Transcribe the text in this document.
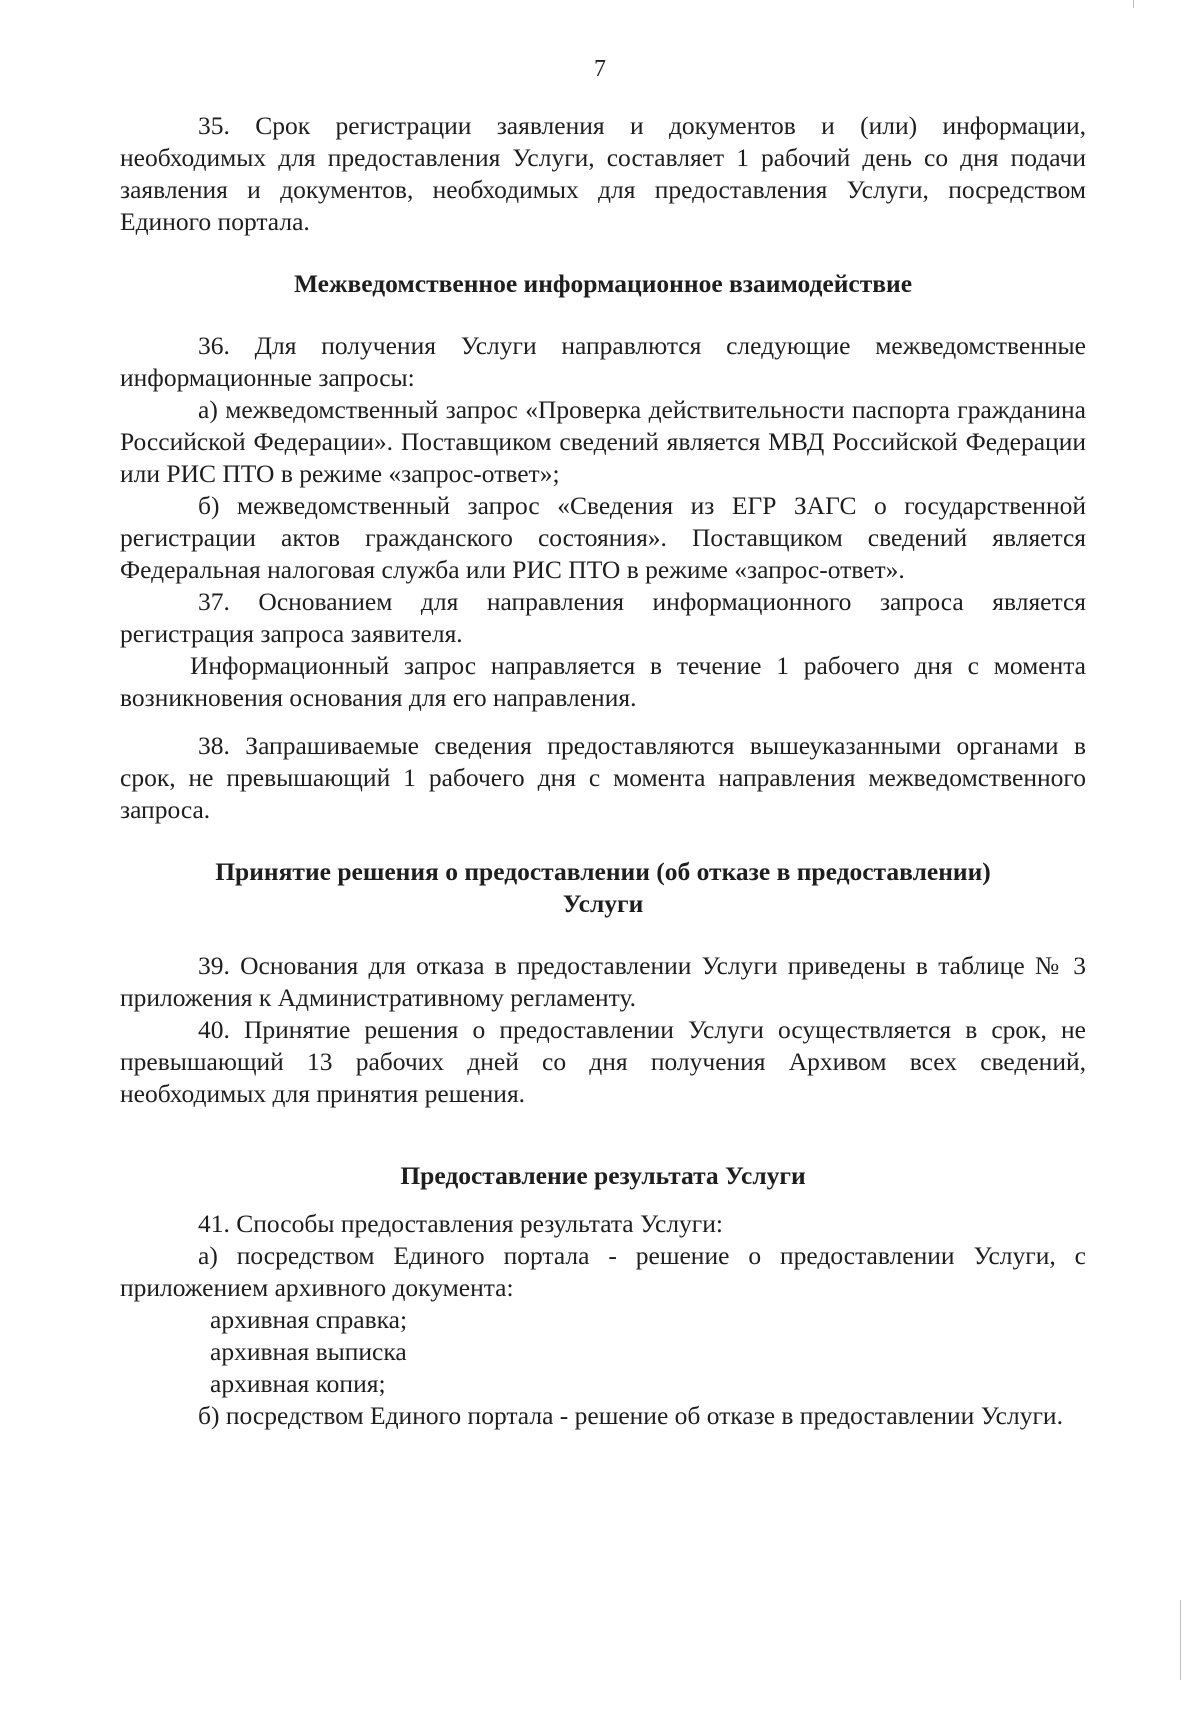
7

35. Срок регистрации заявления и документов и (или) информации, необходимых для предоставления Услуги, составляет 1 рабочий день со дня подачи заявления и документов, необходимых для предоставления Услуги, посредством Единого портала.

Межведомственное информационное взаимодействие

36. Для получения Услуги направлются следующие межведомственные информационные запросы:

а) межведомственный запрос «Проверка действительности паспорта гражданина Российской Федерации». Поставщиком сведений является МВД Российской Федерации или РИС ПТО в режиме «запрос-ответ»;

б) межведомственный запрос «Сведения из ЕГР ЗАГС о государственной регистрации актов гражданского состояния». Поставщиком сведений является Федеральная налоговая служба или РИС ПТО в режиме «запрос-ответ».

37. Основанием для направления информационного запроса является регистрация запроса заявителя.

Информационный запрос направляется в течение 1 рабочего дня с момента возникновения основания для его направления.

38. Запрашиваемые сведения предоставляются вышеуказанными органами в срок, не превышающий 1 рабочего дня с момента направления межведомственного запроса.

Принятие решения о предоставлении (об отказе в предоставлении)
Услуги

39. Основания для отказа в предоставлении Услуги приведены в таблице № 3 приложения к Административному регламенту.

40. Принятие решения о предоставлении Услуги осуществляется в срок, не превышающий 13 рабочих дней со дня получения Архивом всех сведений, необходимых для принятия решения.

Предоставление результата Услуги

41. Способы предоставления результата Услуги:

а) посредством Единого портала - решение о предоставлении Услуги, с приложением архивного документа:

архивная справка;

архивная выписка

архивная копия;

б) посредством Единого портала - решение об отказе в предоставлении Услуги.
